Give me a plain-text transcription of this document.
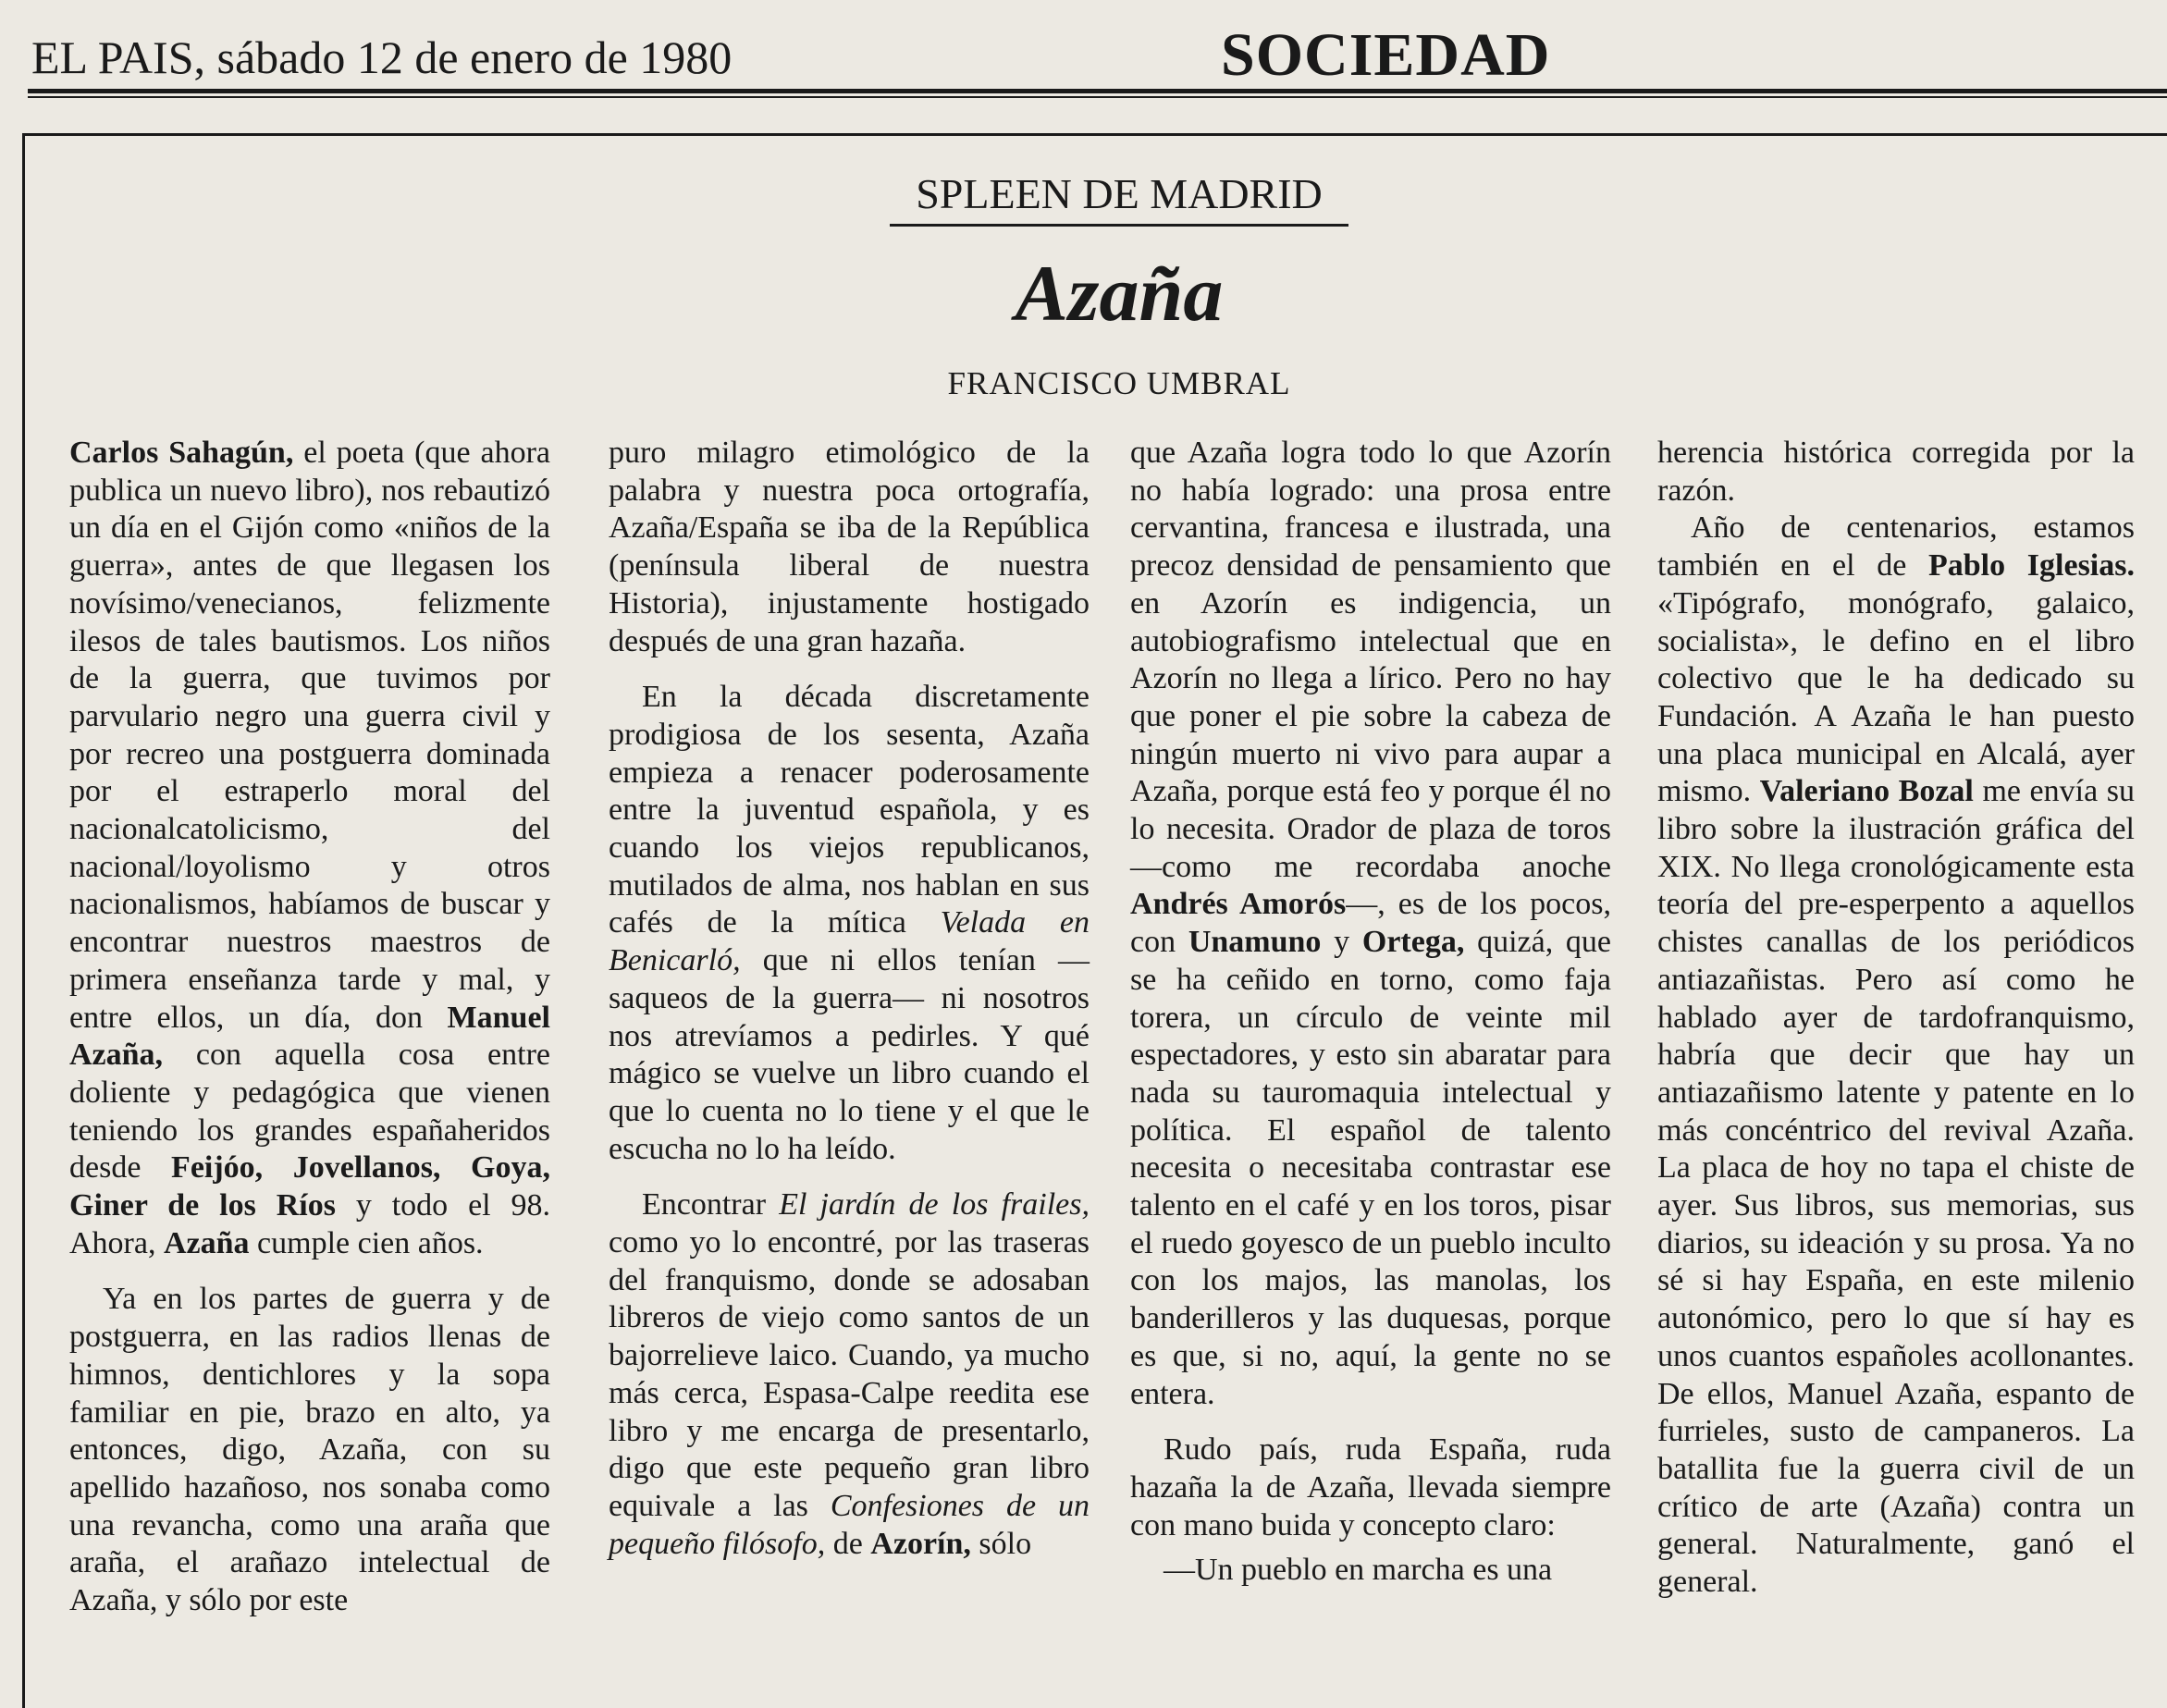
EL PAIS, sábado 12 de enero de 1980	SOCIEDAD
SPLEEN DE MADRID
Azaña
FRANCISCO UMBRAL

Carlos Sahagún, el poeta (que ahora publica un nuevo libro), nos rebautizó un día en el Gijón como «niños de la guerra», antes de que llegasen los novísimo/venecianos, felizmente ilesos de tales bautismos. Los niños de la guerra, que tuvimos por parvulario negro una guerra civil y por recreo una postguerra dominada por el estraperlo moral del nacionalcatolicismo, del nacional/loyolismo y otros nacionalismos, habíamos de buscar y encontrar nuestros maestros de primera enseñanza tarde y mal, y entre ellos, un día, don Manuel Azaña, con aquella cosa entre doliente y pedagógica que vienen teniendo los grandes españaheridos desde Feijóo, Jovellanos, Goya, Giner de los Ríos y todo el 98. Ahora, Azaña cumple cien años.

Ya en los partes de guerra y de postguerra, en las radios llenas de himnos, dentichlores y la sopa familiar en pie, brazo en alto, ya entonces, digo, Azaña, con su apellido hazañoso, nos sonaba como una revancha, como una araña que araña, el arañazo intelectual de Azaña, y sólo por este

puro milagro etimológico de la palabra y nuestra poca ortografía, Azaña/España se iba de la República (península liberal de nuestra Historia), injustamente hostigado después de una gran hazaña.

En la década discretamente prodigiosa de los sesenta, Azaña empieza a renacer poderosamente entre la juventud española, y es cuando los viejos republicanos, mutilados de alma, nos hablan en sus cafés de la mítica Velada en Benicarló, que ni ellos tenían —saqueos de la guerra— ni nosotros nos atrevíamos a pedirles. Y qué mágico se vuelve un libro cuando el que lo cuenta no lo tiene y el que le escucha no lo ha leído.

Encontrar El jardín de los frailes, como yo lo encontré, por las traseras del franquismo, donde se adosaban libreros de viejo como santos de un bajorrelieve laico. Cuando, ya mucho más cerca, Espasa-Calpe reedita ese libro y me encarga de presentarlo, digo que este pequeño gran libro equivale a las Confesiones de un pequeño filósofo, de Azorín, sólo

que Azaña logra todo lo que Azorín no había logrado: una prosa entre cervantina, francesa e ilustrada, una precoz densidad de pensamiento que en Azorín es indigencia, un autobiografismo intelectual que en Azorín no llega a lírico. Pero no hay que poner el pie sobre la cabeza de ningún muerto ni vivo para aupar a Azaña, porque está feo y porque él no lo necesita. Orador de plaza de toros —como me recordaba anoche Andrés Amorós—, es de los pocos, con Unamuno y Ortega, quizá, que se ha ceñido en torno, como faja torera, un círculo de veinte mil espectadores, y esto sin abaratar para nada su tauromaquia intelectual y política. El español de talento necesita o necesitaba contrastar ese talento en el café y en los toros, pisar el ruedo goyesco de un pueblo inculto con los majos, las manolas, los banderilleros y las duquesas, porque es que, si no, aquí, la gente no se entera.

Rudo país, ruda España, ruda hazaña la de Azaña, llevada siempre con mano buida y concepto claro:

—Un pueblo en marcha es una

herencia histórica corregida por la razón.

Año de centenarios, estamos también en el de Pablo Iglesias. «Tipógrafo, monógrafo, galaico, socialista», le defino en el libro colectivo que le ha dedicado su Fundación. A Azaña le han puesto una placa municipal en Alcalá, ayer mismo. Valeriano Bozal me envía su libro sobre la ilustración gráfica del XIX. No llega cronológicamente esta teoría del pre-esperpento a aquellos chistes canallas de los periódicos antiazañistas. Pero así como he hablado ayer de tardofranquismo, habría que decir que hay un antiazañismo latente y patente en lo más concéntrico del revival Azaña. La placa de hoy no tapa el chiste de ayer. Sus libros, sus memorias, sus diarios, su ideación y su prosa. Ya no sé si hay España, en este milenio autonómico, pero lo que sí hay es unos cuantos españoles acollonantes. De ellos, Manuel Azaña, espanto de furrieles, susto de campaneros. La batallita fue la guerra civil de un crítico de arte (Azaña) contra un general. Naturalmente, ganó el general.
